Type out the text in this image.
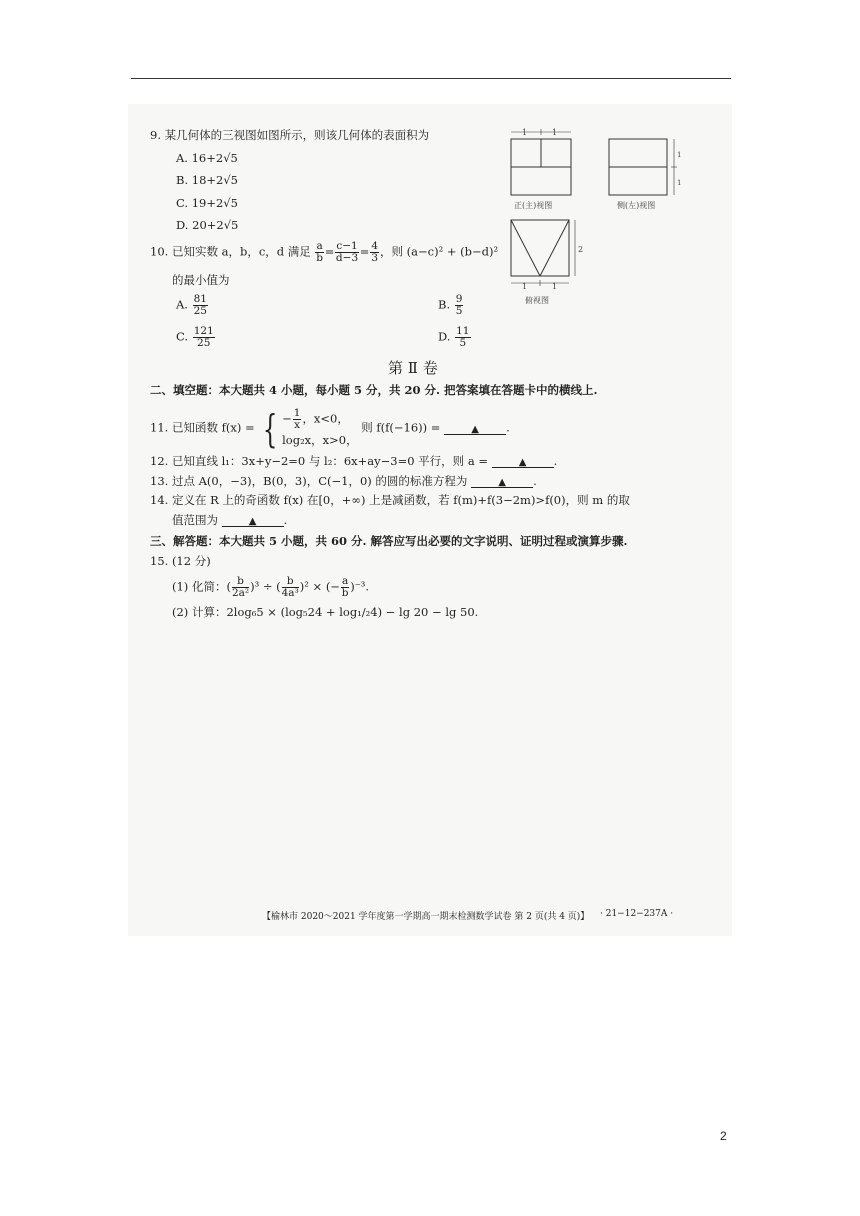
9. 某几何体的三视图如图所示，则该几何体的表面积为
A. 16+2√5
B. 18+2√5
C. 19+2√5
D. 20+2√5
1	1
正(主)视图
1
1
侧(左)视图
2
1	1
俯视图
10. 已知实数 a，b，c，d 满足 $\frac{a}{b} = \frac{c-1}{d-3} = \frac{4}{3}$ ，则 (a−c)² + (b−d)²
的最小值为
A. $\frac{81}{25}$	B. $\frac{9}{5}$
C. $\frac{121}{25}$	D. $\frac{11}{5}$
第 Ⅱ 卷
二、填空题：本大题共 4 小题，每小题 5 分，共 20 分. 把答案填在答题卡中的横线上.
11. 已知函数 f(x) = { − $\frac{1}{x}$ ，x<0，
log₂x，x>0，
则 f(f(−16)) =	▲ .
12. 已知直线 l₁：3x+y−2=0 与 l₂：6x+ay−3=0 平行，则 a =	▲ .
13. 过点 A(0，−3)，B(0，3)，C(−1，0) 的圆的标准方程为	▲ .
14. 定义在 R 上的奇函数 f(x) 在[0，+∞) 上是减函数，若 f(m)+f(3−2m)>f(0)，则 m 的取
值范围为	▲ .
三、解答题：本大题共 5 小题，共 60 分. 解答应写出必要的文字说明、证明过程或演算步骤.
15. (12 分)
(1) 化简：( $\frac{b}{\text{2a²}} )^3$ ÷ ( $\frac{b}{\text{4a³}} )^2$ × (− $\frac{a}{b} )^{-3}$.
(2) 计算：2log₆5 × (log₅24 + log₁/₂4) − lg 20 − lg 50.
【榆林市 2020～2021 学年度第一学期高一期末检测数学试卷 第 2 页(共 4 页)】 · 21−12−237A ·
2
